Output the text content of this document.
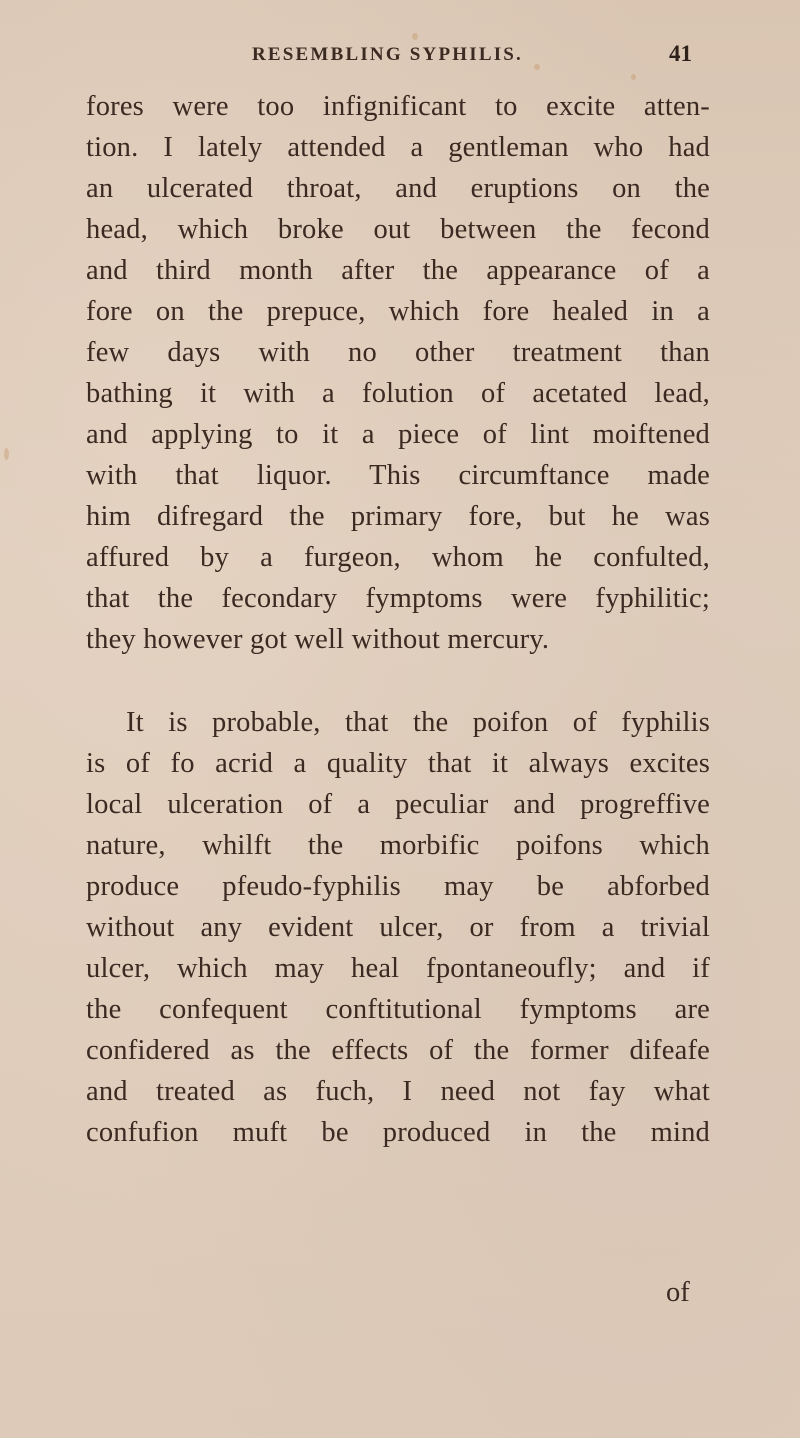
RESEMBLING SYPHILIS.	41
fores were too infignificant to excite atten-
tion. I lately attended a gentleman who had
an ulcerated throat, and eruptions on the
head, which broke out between the fecond
and third month after the appearance of a
fore on the prepuce, which fore healed in a
few days with no other treatment than
bathing it with a folution of acetated lead,
and applying to it a piece of lint moiftened
with that liquor. This circumftance made
him difregard the primary fore, but he was
affured by a furgeon, whom he confulted,
that the fecondary fymptoms were fyphilitic;
they however got well without mercury.
It is probable, that the poifon of fyphilis
is of fo acrid a quality that it always excites
local ulceration of a peculiar and progreffive
nature, whilft the morbific poifons which
produce pfeudo-fyphilis may be abforbed
without any evident ulcer, or from a trivial
ulcer, which may heal fpontaneoufly; and if
the confequent conftitutional fymptoms are
confidered as the effects of the former difeafe
and treated as fuch, I need not fay what
confufion muft be produced in the mind
of
